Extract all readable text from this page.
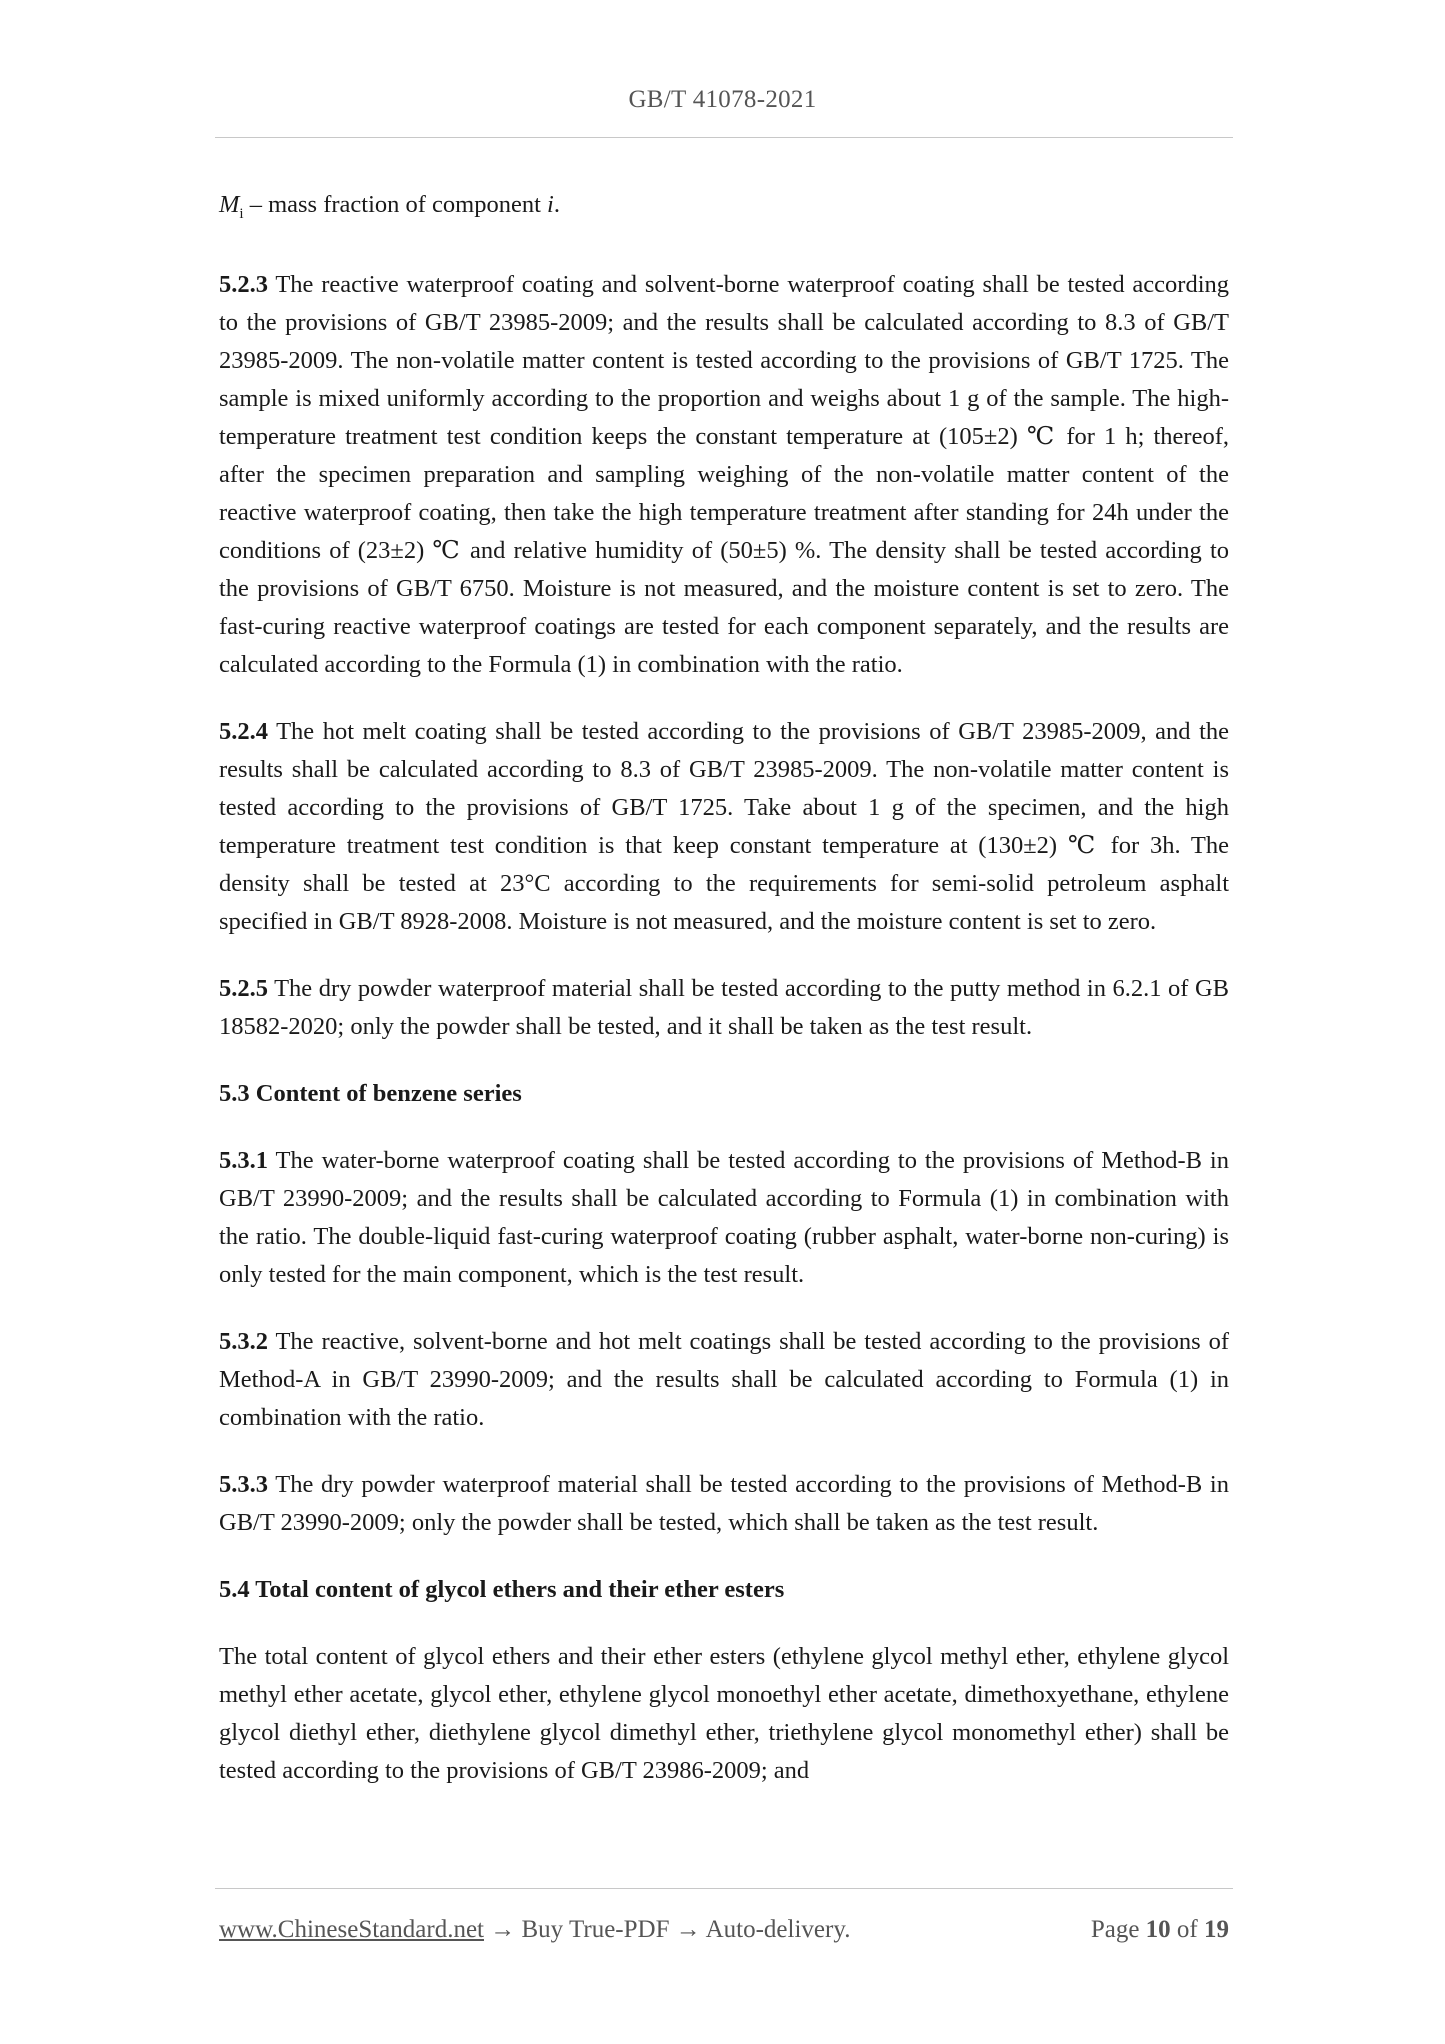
GB/T 41078-2021

$M_i$ – mass fraction of component i.

5.2.3 The reactive waterproof coating and solvent-borne waterproof coating shall be tested according to the provisions of GB/T 23985-2009; and the results shall be calculated according to 8.3 of GB/T 23985-2009. The non-volatile matter content is tested according to the provisions of GB/T 1725. The sample is mixed uniformly according to the proportion and weighs about 1 g of the sample. The high-temperature treatment test condition keeps the constant temperature at (105±2) ℃ for 1 h; thereof, after the specimen preparation and sampling weighing of the non-volatile matter content of the reactive waterproof coating, then take the high temperature treatment after standing for 24h under the conditions of (23±2) ℃ and relative humidity of (50±5) %. The density shall be tested according to the provisions of GB/T 6750. Moisture is not measured, and the moisture content is set to zero. The fast-curing reactive waterproof coatings are tested for each component separately, and the results are calculated according to the Formula (1) in combination with the ratio.

5.2.4 The hot melt coating shall be tested according to the provisions of GB/T 23985-2009, and the results shall be calculated according to 8.3 of GB/T 23985-2009. The non-volatile matter content is tested according to the provisions of GB/T 1725. Take about 1 g of the specimen, and the high temperature treatment test condition is that keep constant temperature at (130±2) ℃ for 3h. The density shall be tested at 23°C according to the requirements for semi-solid petroleum asphalt specified in GB/T 8928-2008. Moisture is not measured, and the moisture content is set to zero.

5.2.5 The dry powder waterproof material shall be tested according to the putty method in 6.2.1 of GB 18582-2020; only the powder shall be tested, and it shall be taken as the test result.

5.3 Content of benzene series

5.3.1 The water-borne waterproof coating shall be tested according to the provisions of Method-B in GB/T 23990-2009; and the results shall be calculated according to Formula (1) in combination with the ratio. The double-liquid fast-curing waterproof coating (rubber asphalt, water-borne non-curing) is only tested for the main component, which is the test result.

5.3.2 The reactive, solvent-borne and hot melt coatings shall be tested according to the provisions of Method-A in GB/T 23990-2009; and the results shall be calculated according to Formula (1) in combination with the ratio.

5.3.3 The dry powder waterproof material shall be tested according to the provisions of Method-B in GB/T 23990-2009; only the powder shall be tested, which shall be taken as the test result.

5.4 Total content of glycol ethers and their ether esters

The total content of glycol ethers and their ether esters (ethylene glycol methyl ether, ethylene glycol methyl ether acetate, glycol ether, ethylene glycol monoethyl ether acetate, dimethoxyethane, ethylene glycol diethyl ether, diethylene glycol dimethyl ether, triethylene glycol monomethyl ether) shall be tested according to the provisions of GB/T 23986-2009; and

www.ChineseStandard.net → Buy True-PDF → Auto-delivery.	Page 10 of 19
